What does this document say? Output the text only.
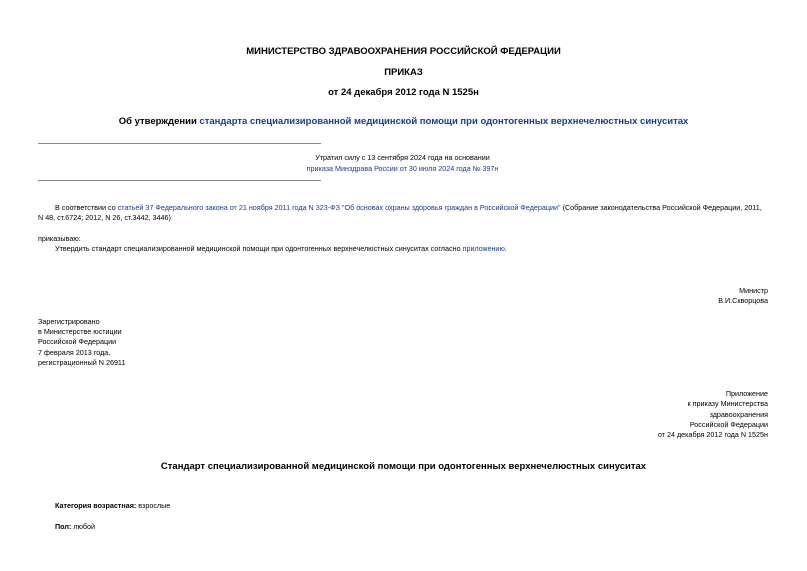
МИНИСТЕРСТВО ЗДРАВООХРАНЕНИЯ РОССИЙСКОЙ ФЕДЕРАЦИИ
ПРИКАЗ
от 24 декабря 2012 года N 1525н
Об утверждении стандарта специализированной медицинской помощи при одонтогенных верхнечелюстных синуситах
Утратил силу с 13 сентября 2024 года на основании
приказа Минздрава России от 30 июля 2024 года № 397н
В соответствии со статьей 37 Федерального закона от 21 ноября 2011 года N 323-ФЗ "Об основах охраны здоровья граждан в Российской Федерации" (Собрание законодательства Российской Федерации, 2011,
N 48, ст.6724; 2012, N 26, ст.3442, 3446)
приказываю:
Утвердить стандарт специализированной медицинской помощи при одонтогенных верхнечелюстных синуситах согласно приложению.
Министр
В.И.Скворцова
Зарегистрировано
в Министерстве юстиции
Российской Федерации
7 февраля 2013 года,
регистрационный N 26911
Приложение
к приказу Министерства
здравоохранения
Российской Федерации
от 24 декабря 2012 года N 1525н
Стандарт специализированной медицинской помощи при одонтогенных верхнечелюстных синуситах
Категория возрастная: взрослые
Пол: любой
